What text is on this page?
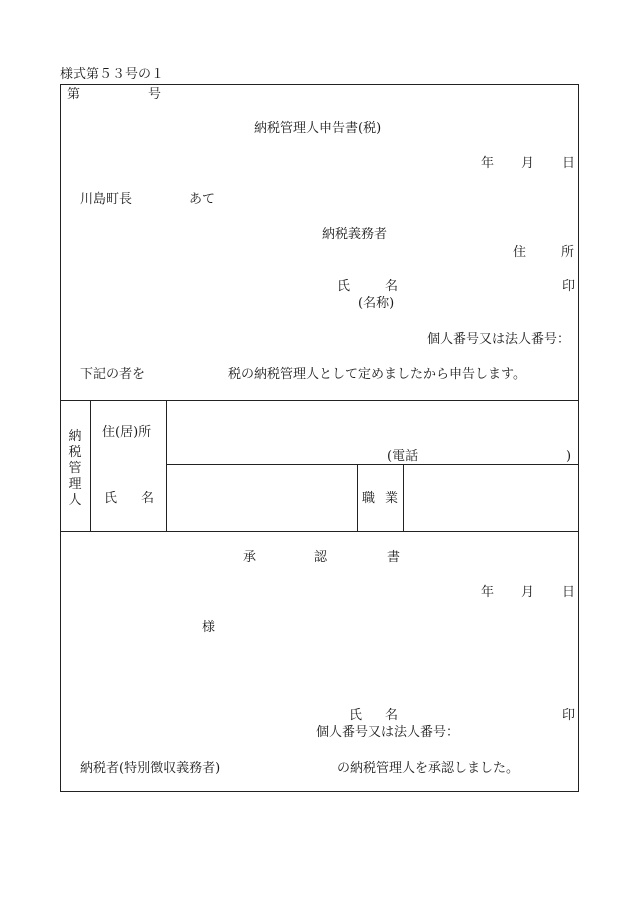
様式第５３号の１
第	号
納税管理人申告書(税)
年 月 日
川島町長	あて
納税義務者
住	所
氏	名	印
(名称)
個人番号又は法人番号：
下記の者を	税の納税管理人として定めましたから申告します。
納税管理人
住(居)所
(電話	)
氏 名	職 業
承	認	書
年 月 日
様
氏 名	印
個人番号又は法人番号：
納税者(特別徴収義務者)	の納税管理人を承認しました。
